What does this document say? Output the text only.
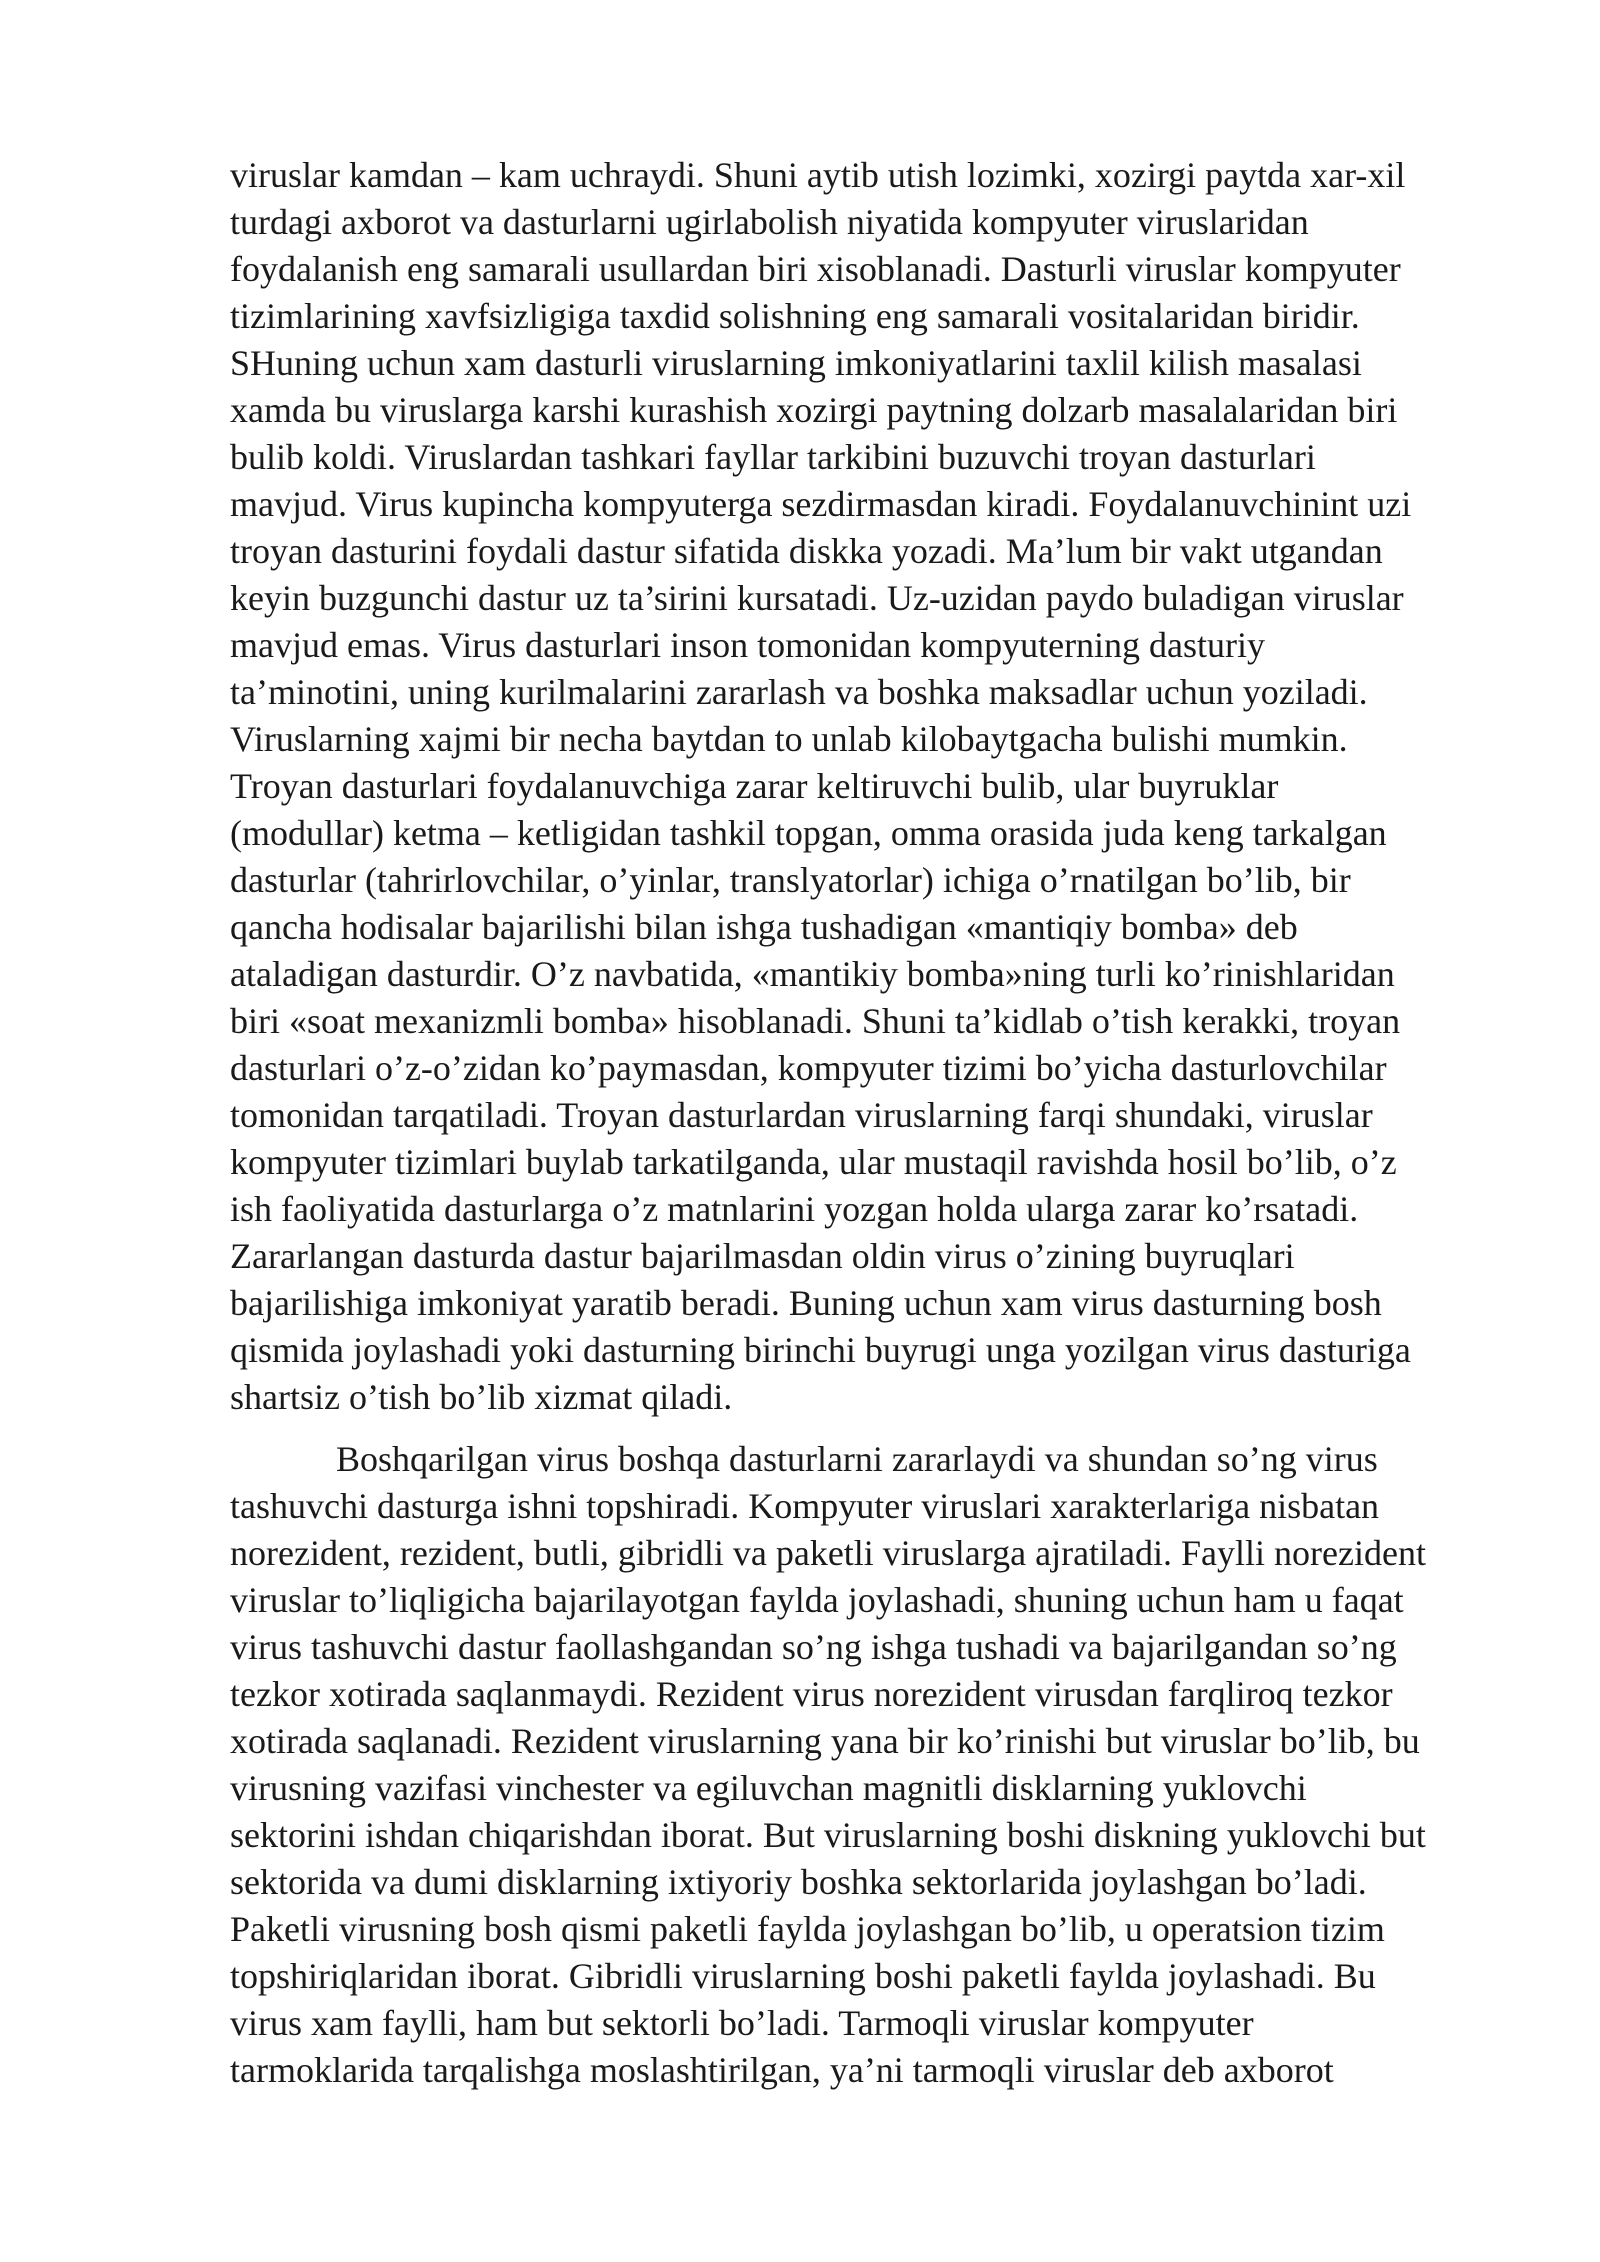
viruslar kamdan – kam uchraydi. Shuni aytib utish lozimki, xozirgi paytda xar-xil
turdagi axborot va dasturlarni ugirlabolish niyatida kompyuter viruslaridan
foydalanish eng samarali usullardan biri xisoblanadi. Dasturli viruslar kompyuter
tizimlarining xavfsizligiga taxdid solishning eng samarali vositalaridan biridir.
SHuning uchun xam dasturli viruslarning imkoniyatlarini taxlil kilish masalasi
xamda bu viruslarga karshi kurashish xozirgi paytning dolzarb masalalaridan biri
bulib koldi. Viruslardan tashkari fayllar tarkibini buzuvchi troyan dasturlari
mavjud. Virus kupincha kompyuterga sezdirmasdan kiradi. Foydalanuvchinint uzi
troyan dasturini foydali dastur sifatida diskka yozadi. Ma’lum bir vakt utgandan
keyin buzgunchi dastur uz ta’sirini kursatadi. Uz-uzidan paydo buladigan viruslar
mavjud emas. Virus dasturlari inson tomonidan kompyuterning dasturiy
ta’minotini, uning kurilmalarini zararlash va boshka maksadlar uchun yoziladi.
Viruslarning xajmi bir necha baytdan to unlab kilobaytgacha bulishi mumkin.
Troyan dasturlari foydalanuvchiga zarar keltiruvchi bulib, ular buyruklar
(modullar) ketma – ketligidan tashkil topgan, omma orasida juda keng tarkalgan
dasturlar (tahrirlovchilar, o’yinlar, translyatorlar) ichiga o’rnatilgan bo’lib, bir
qancha hodisalar bajarilishi bilan ishga tushadigan «mantiqiy bomba» deb
ataladigan dasturdir. O’z navbatida, «mantikiy bomba»ning turli ko’rinishlaridan
biri «soat mexanizmli bomba» hisoblanadi. Shuni ta’kidlab o’tish kerakki, troyan
dasturlari o’z-o’zidan ko’paymasdan, kompyuter tizimi bo’yicha dasturlovchilar
tomonidan tarqatiladi. Troyan dasturlardan viruslarning farqi shundaki, viruslar
kompyuter tizimlari buylab tarkatilganda, ular mustaqil ravishda hosil bo’lib, o’z
ish faoliyatida dasturlarga o’z matnlarini yozgan holda ularga zarar ko’rsatadi.
Zararlangan dasturda dastur bajarilmasdan oldin virus o’zining buyruqlari
bajarilishiga imkoniyat yaratib beradi. Buning uchun xam virus dasturning bosh
qismida joylashadi yoki dasturning birinchi buyrugi unga yozilgan virus dasturiga
shartsiz o’tish bo’lib xizmat qiladi.
Boshqarilgan virus boshqa dasturlarni zararlaydi va shundan so’ng virus
tashuvchi dasturga ishni topshiradi. Kompyuter viruslari xarakterlariga nisbatan
norezident, rezident, butli, gibridli va paketli viruslarga ajratiladi. Faylli norezident
viruslar to’liqligicha bajarilayotgan faylda joylashadi, shuning uchun ham u faqat
virus tashuvchi dastur faollashgandan so’ng ishga tushadi va bajarilgandan so’ng
tezkor xotirada saqlanmaydi. Rezident virus norezident virusdan farqliroq tezkor
xotirada saqlanadi. Rezident viruslarning yana bir ko’rinishi but viruslar bo’lib, bu
virusning vazifasi vinchester va egiluvchan magnitli disklarning yuklovchi
sektorini ishdan chiqarishdan iborat. But viruslarning boshi diskning yuklovchi but
sektorida va dumi disklarning ixtiyoriy boshka sektorlarida joylashgan bo’ladi.
Paketli virusning bosh qismi paketli faylda joylashgan bo’lib, u operatsion tizim
topshiriqlaridan iborat. Gibridli viruslarning boshi paketli faylda joylashadi. Bu
virus xam faylli, ham but sektorli bo’ladi. Tarmoqli viruslar kompyuter
tarmoklarida tarqalishga moslashtirilgan, ya’ni tarmoqli viruslar deb axborot
